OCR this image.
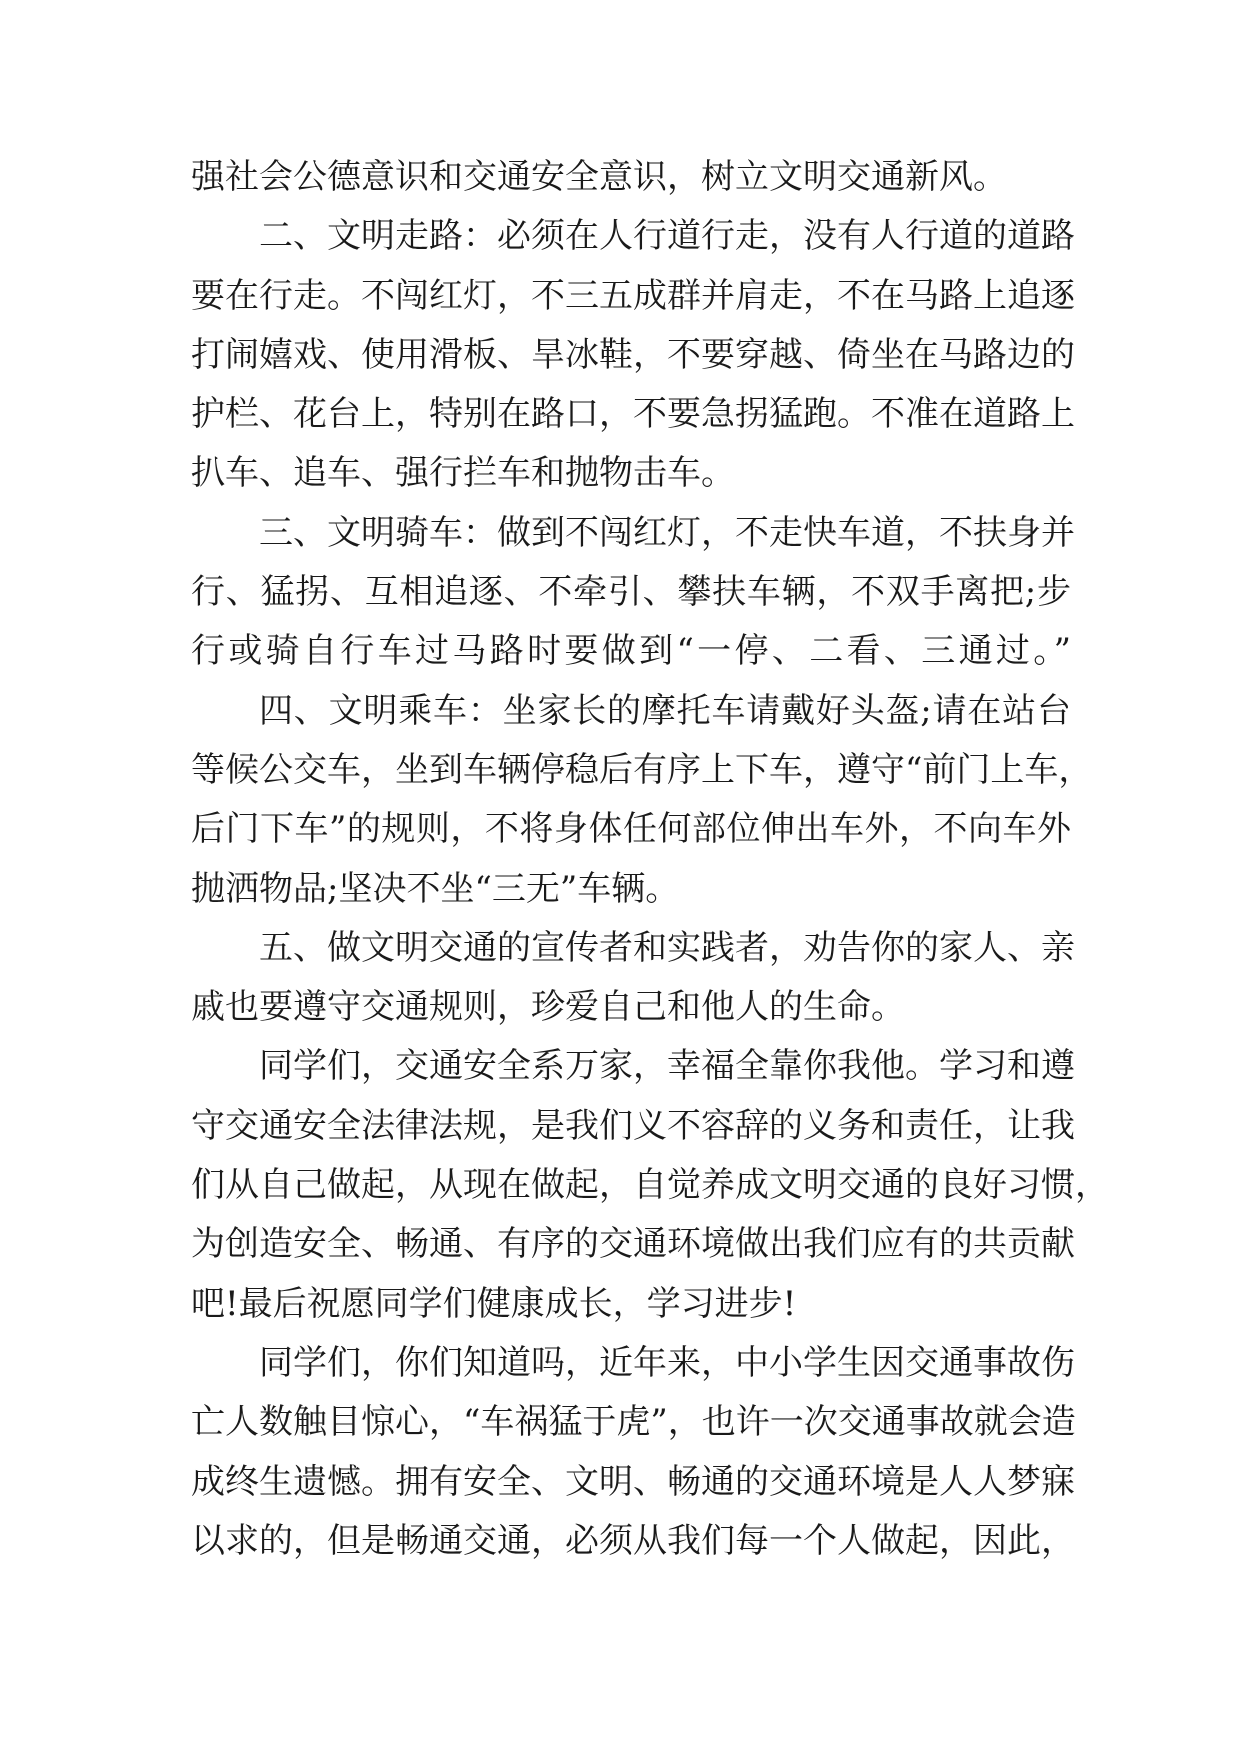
强社会公德意识和交通安全意识，树立文明交通新风。
二、文明走路：必须在人行道行走，没有人行道的道路
要在行走。不闯红灯，不三五成群并肩走，不在马路上追逐
打闹嬉戏、使用滑板、旱冰鞋，不要穿越、倚坐在马路边的
护栏、花台上，特别在路口，不要急拐猛跑。不准在道路上
扒车、追车、强行拦车和抛物击车。
三、文明骑车：做到不闯红灯，不走快车道，不扶身并
行、猛拐、互相追逐、不牵引、攀扶车辆，不双手离把;步
行或骑自行车过马路时要做到“一停、二看、三通过。”
四、文明乘车：坐家长的摩托车请戴好头盔;请在站台
等候公交车，坐到车辆停稳后有序上下车，遵守“前门上车，
后门下车”的规则，不将身体任何部位伸出车外，不向车外
抛洒物品;坚决不坐“三无”车辆。
五、做文明交通的宣传者和实践者，劝告你的家人、亲
戚也要遵守交通规则，珍爱自己和他人的生命。
同学们，交通安全系万家，幸福全靠你我他。学习和遵
守交通安全法律法规，是我们义不容辞的义务和责任，让我
们从自己做起，从现在做起，自觉养成文明交通的良好习惯，
为创造安全、畅通、有序的交通环境做出我们应有的共贡献
吧!最后祝愿同学们健康成长，学习进步!
同学们，你们知道吗，近年来，中小学生因交通事故伤
亡人数触目惊心，“车祸猛于虎”，也许一次交通事故就会造
成终生遗憾。拥有安全、文明、畅通的交通环境是人人梦寐
以求的，但是畅通交通，必须从我们每一个人做起，因此，
